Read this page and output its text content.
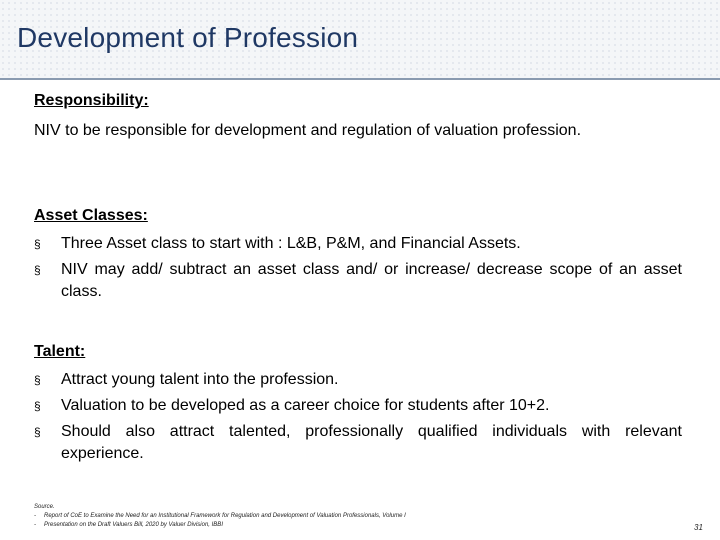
Development of Profession

Responsibility:

NIV to be responsible for development and regulation of valuation profession.

Asset Classes:

§ Three Asset class to start with : L&B, P&M, and Financial Assets.
§ NIV may add/ subtract an asset class and/ or increase/ decrease scope of an asset class.

Talent:

§ Attract young talent into the profession.
§ Valuation to be developed as a career choice for students after 10+2.
§ Should also attract talented, professionally qualified individuals with relevant experience.
Source.
- Report of CoE to Examine the Need for an Institutional Framework for Regulation and Development of Valuation Professionals, Volume I
- Presentation on the Draft Valuers Bill, 2020 by Valuer Division, IBBI	31
